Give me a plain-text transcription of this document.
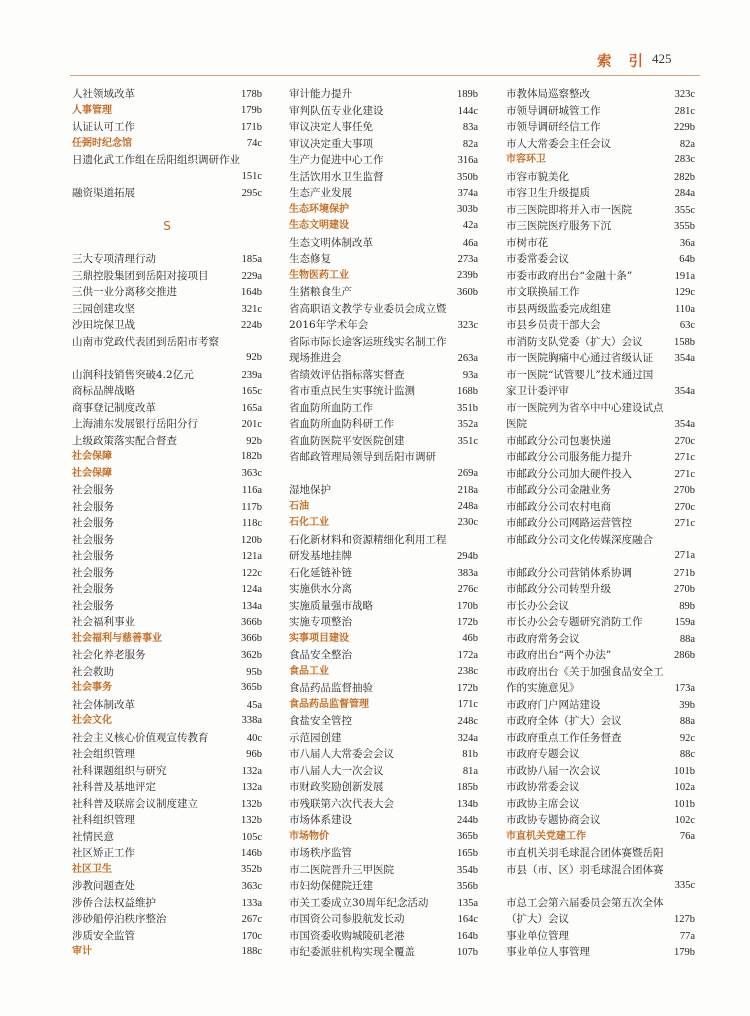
索 引 425
人社领域改革	178b
人事管理	179b
认证认可工作	171b
任弼时纪念馆	74c
日遗化武工作组在岳阳组织调研作业
151c
融资渠道拓展	295c
S
三大专项清理行动	185a
三鼎控股集团到岳阳对接项目	229a
三供一业分离移交推进	164b
三园创建攻坚	321c
沙田垸保卫战	224b
山南市党政代表团到岳阳市考察
92b
山润科技销售突破4.2亿元	239a
商标品牌战略	165c
商事登记制度改革	165a
上海浦东发展银行岳阳分行	201c
上级政策落实配合督查	92b
社会保障	182b
社会保障	363c
社会服务	116a
社会服务	117b
社会服务	118c
社会服务	120b
社会服务	121a
社会服务	122c
社会服务	124a
社会服务	134a
社会福利事业	366b
社会福利与慈善事业	366b
社会化养老服务	362b
社会救助	95b
社会事务	365b
社会体制改革	45a
社会文化	338a
社会主义核心价值观宣传教育	40c
社会组织管理	96b
社科课题组织与研究	132a
社科普及基地评定	132a
社科普及联席会议制度建立	132b
社科组织管理	132b
社情民意	105c
社区矫正工作	146b
社区卫生	352b
涉教问题查处	363c
涉侨合法权益维护	133a
涉砂船停泊秩序整治	267c
涉质安全监管	170c
审计	188c
审计能力提升	189b
审判队伍专业化建设	144c
审议决定人事任免	83a
审议决定重大事项	82a
生产力促进中心工作	316a
生活饮用水卫生监督	350b
生态产业发展	374a
生态环境保护	303b
生态文明建设	42a
生态文明体制改革	46a
生态修复	273a
生物医药工业	239b
生猪粮食生产	360b
省高职语文教学专业委员会成立暨
2016年学术年会	323c
省际市际长途客运班线实名制工作
现场推进会	263a
省绩效评估指标落实督查	93a
省市重点民生实事统计监测	168b
省血防所血防工作	351b
省血防所血防科研工作	352a
省血防医院平安医院创建	351c
省邮政管理局领导到岳阳市调研
269a
湿地保护	218a
石油	248a
石化工业	230c
石化新材料和资源精细化利用工程
研发基地挂牌	294b
石化延链补链	383a
实施供水分离	276c
实施质量强市战略	170b
实施专项整治	172b
实事项目建设	46b
食品安全整治	172a
食品工业	238c
食品药品监督抽验	172b
食品药品监督管理	171c
食盐安全管控	248c
示范园创建	324a
市八届人大常委会会议	81b
市八届人大一次会议	81a
市财政奖励创新发展	185b
市残联第六次代表大会	134b
市场体系建设	244b
市场物价	365b
市场秩序监管	165b
市二医院晋升三甲医院	354b
市妇幼保健院迁建	356b
市关工委成立30周年纪念活动	135a
市国资公司参股航发长动	164c
市国资委收购城陵矶老港	164b
市纪委派驻机构实现全覆盖	107b
市教体局巡察整改	323c
市领导调研城管工作	281c
市领导调研经信工作	229b
市人大常委会主任会议	82a
市容环卫	283c
市容市貌美化	282b
市容卫生升级提质	284a
市三医院即将并入市一医院	355c
市三医院医疗服务下沉	355b
市树市花	36a
市委常委会议	64b
市委市政府出台“金融十条”	191a
市文联换届工作	129c
市县两级监委完成组建	110a
市县乡员责干部大会	63c
市消防支队党委（扩大）会议	158b
市一医院胸痛中心通过省级认证	354a
市一医院“试管婴儿”技术通过国
家卫计委评审	354a
市一医院列为省卒中中心建设试点
医院	354a
市邮政分公司包裹快递	270c
市邮政分公司服务能力提升	271c
市邮政分公司加大硬件投入	271c
市邮政分公司金融业务	270b
市邮政分公司农村电商	270c
市邮政分公司网路运营管控	271c
市邮政分公司文化传媒深度融合
271a
市邮政分公司营销体系协调	271b
市邮政分公司转型升级	270b
市长办公会议	89b
市长办公会专题研究消防工作	159a
市政府常务会议	88a
市政府出台“两个办法”	286b
市政府出台《关于加强食品安全工
作的实施意见》	173a
市政府门户网站建设	39b
市政府全体（扩大）会议	88a
市政府重点工作任务督查	92c
市政府专题会议	88c
市政协八届一次会议	101b
市政协常委会议	102a
市政协主席会议	101b
市政协专题协商会议	102c
市直机关党建工作	76a
市直机关羽毛球混合团体赛暨岳阳
市县（市、区）羽毛球混合团体赛
335c
市总工会第六届委员会第五次全体
（扩大）会议	127b
事业单位管理	77a
事业单位人事管理	179b
